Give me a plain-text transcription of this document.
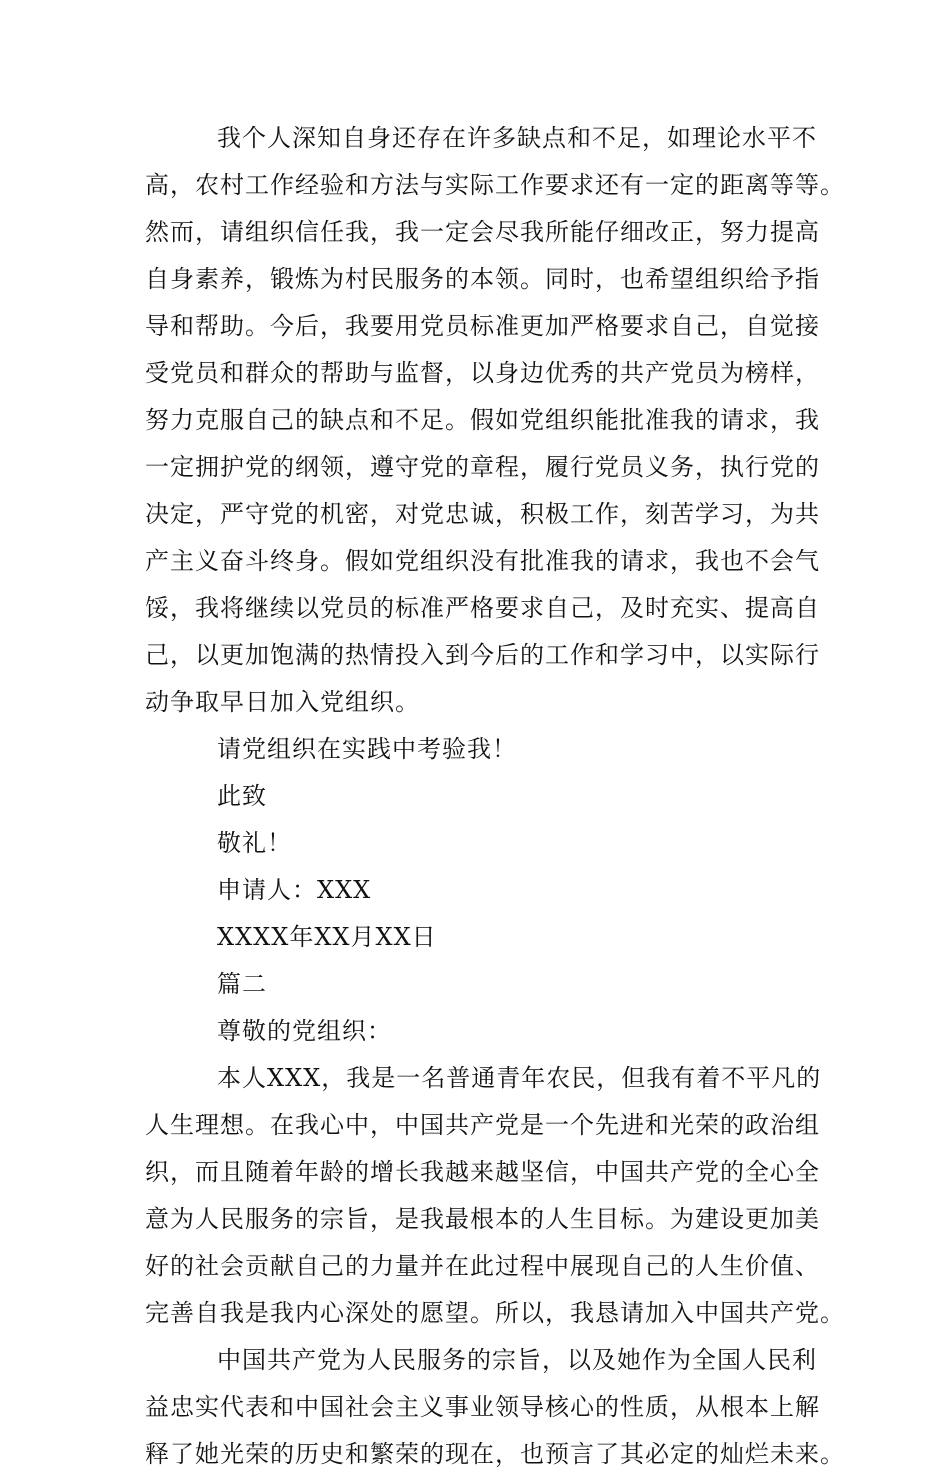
我个人深知自身还存在许多缺点和不足，如理论水平不
高，农村工作经验和方法与实际工作要求还有一定的距离等等。
然而，请组织信任我，我一定会尽我所能仔细改正，努力提高
自身素养，锻炼为村民服务的本领。同时，也希望组织给予指
导和帮助。今后，我要用党员标准更加严格要求自己，自觉接
受党员和群众的帮助与监督，以身边优秀的共产党员为榜样，
努力克服自己的缺点和不足。假如党组织能批准我的请求，我
一定拥护党的纲领，遵守党的章程，履行党员义务，执行党的
决定，严守党的机密，对党忠诚，积极工作，刻苦学习，为共
产主义奋斗终身。假如党组织没有批准我的请求，我也不会气
馁，我将继续以党员的标准严格要求自己，及时充实、提高自
己，以更加饱满的热情投入到今后的工作和学习中，以实际行
动争取早日加入党组织。
请党组织在实践中考验我！
此致
敬礼！
申请人：XXX
XXXX年XX月XX日
篇二
尊敬的党组织：
本人XXX，我是一名普通青年农民，但我有着不平凡的
人生理想。在我心中，中国共产党是一个先进和光荣的政治组
织，而且随着年龄的增长我越来越坚信，中国共产党的全心全
意为人民服务的宗旨，是我最根本的人生目标。为建设更加美
好的社会贡献自己的力量并在此过程中展现自己的人生价值、
完善自我是我内心深处的愿望。所以，我恳请加入中国共产党。
中国共产党为人民服务的宗旨，以及她作为全国人民利
益忠实代表和中国社会主义事业领导核心的性质，从根本上解
释了她光荣的历史和繁荣的现在，也预言了其必定的灿烂未来。
